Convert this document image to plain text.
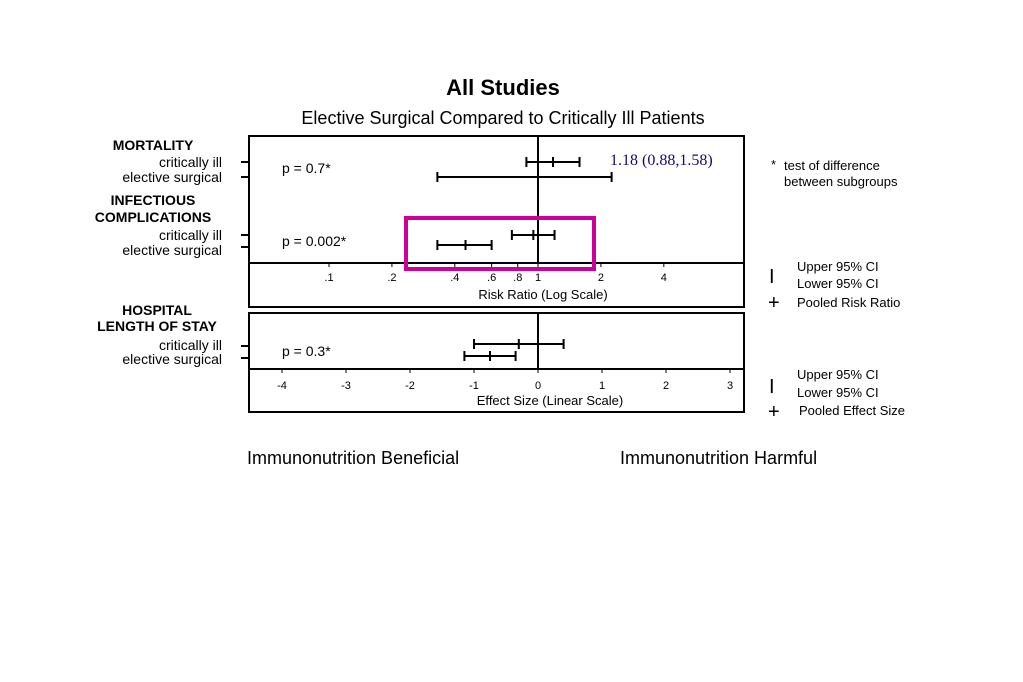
All Studies
Elective Surgical Compared to Critically Ill Patients
Risk Ratio (Log Scale)
Effect Size (Linear Scale)
p = 0.7*
p = 0.002*
p = 0.3*
MORTALITY
critically ill
elective surgical
INFECTIOUS
COMPLICATIONS
critically ill
elective surgical
HOSPITAL
LENGTH OF STAY
critically ill
elective surgical
1.18 (0.88,1.58)	* test of difference
between subgroups
I Upper 95% CI
Lower 95% CI
+ Pooled Risk Ratio
I
Upper 95% CI
Lower 95% CI
+ Pooled Effect Size
Immunonutrition Beneficial	Immunonutrition Harmful
.1	.2	.4	.6 .8 1	2	4
-4	-3	-2	-1	0	1	2	3
